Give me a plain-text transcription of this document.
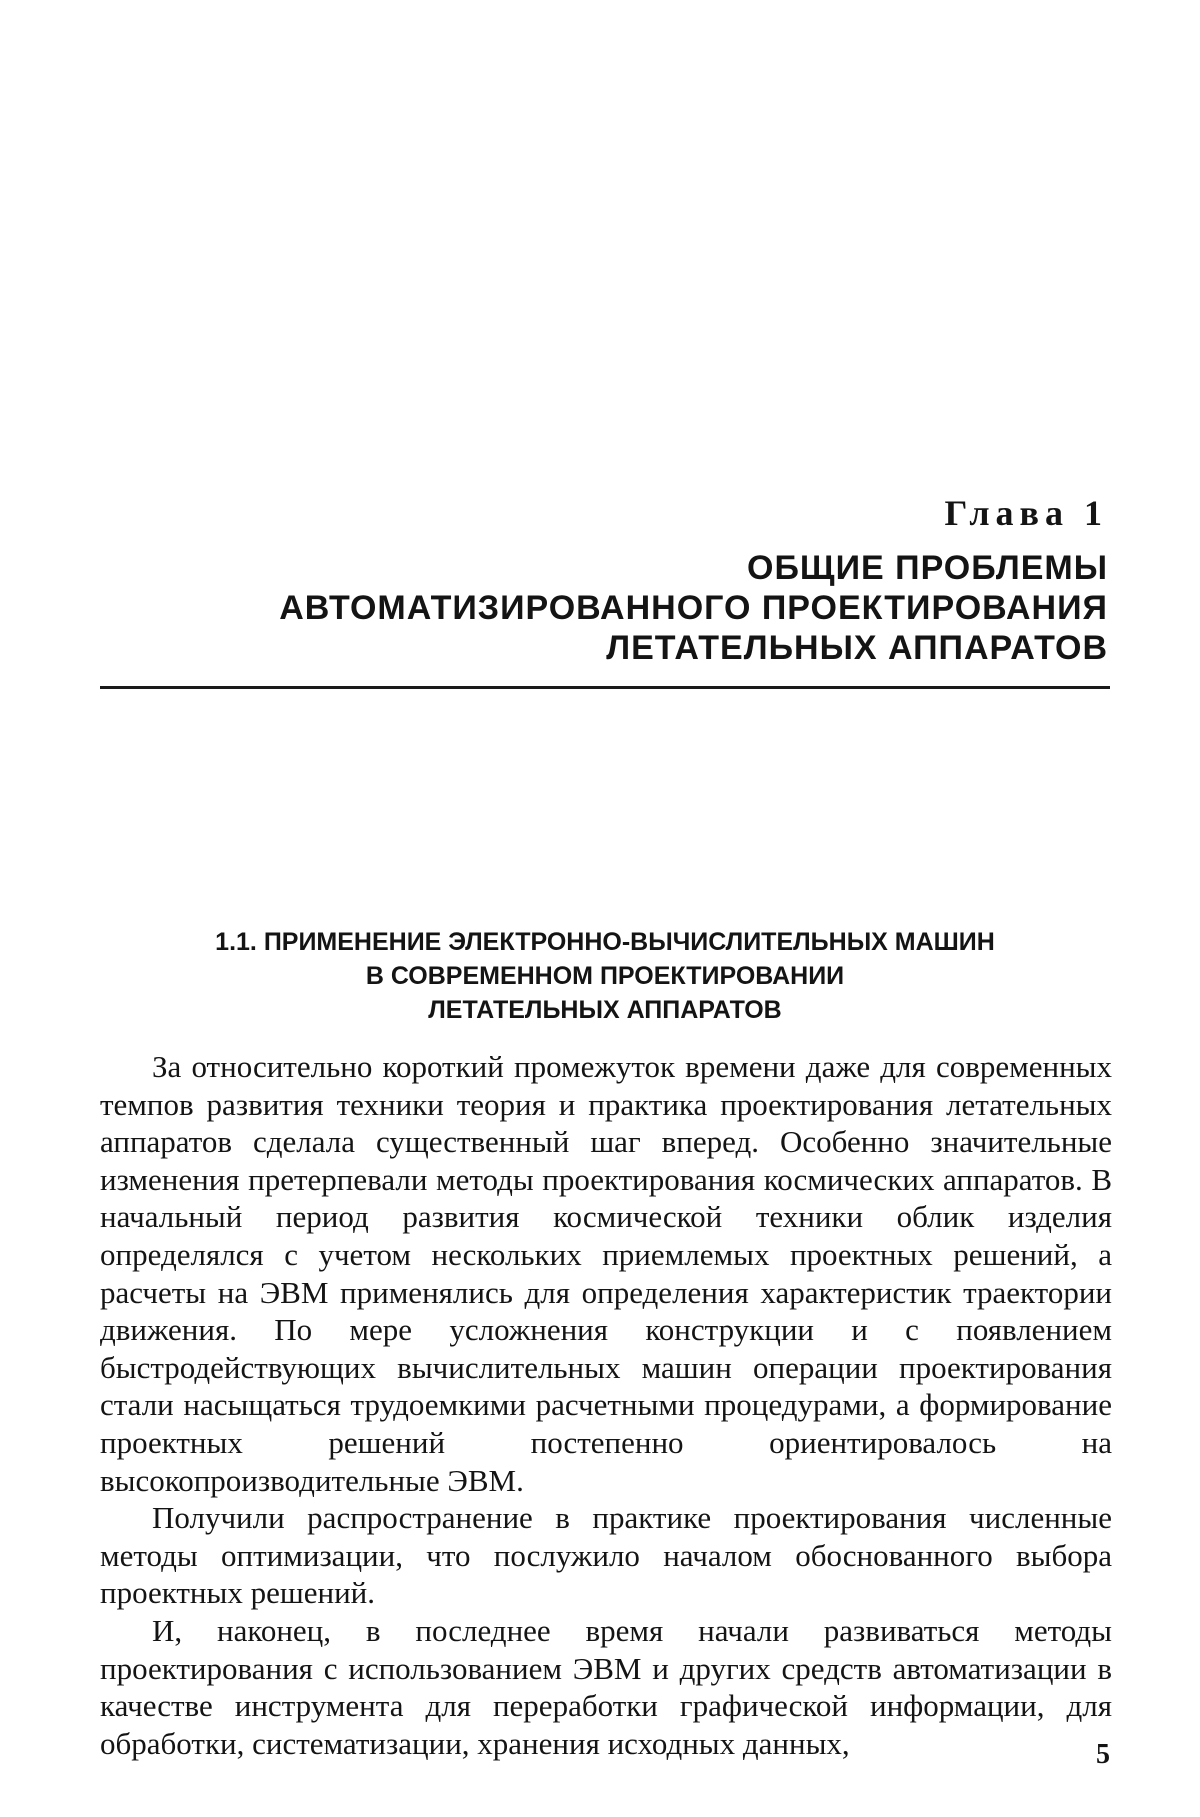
Глава 1
ОБЩИЕ ПРОБЛЕМЫ
АВТОМАТИЗИРОВАННОГО ПРОЕКТИРОВАНИЯ
ЛЕТАТЕЛЬНЫХ АППАРАТОВ
1.1. ПРИМЕНЕНИЕ ЭЛЕКТРОННО-ВЫЧИСЛИТЕЛЬНЫХ МАШИН
В СОВРЕМЕННОМ ПРОЕКТИРОВАНИИ
ЛЕТАТЕЛЬНЫХ АППАРАТОВ

За относительно короткий промежуток времени даже для современных темпов развития техники теория и практика проектирования летательных аппаратов сделала существенный шаг вперед. Особенно значительные изменения претерпевали методы проектирования космических аппаратов. В начальный период развития космической техники облик изделия определялся с учетом нескольких приемлемых проектных решений, а расчеты на ЭВМ применялись для определения характеристик траектории движения. По мере усложнения конструкции и с появлением быстродействующих вычислительных машин операции проектирования стали насыщаться трудоемкими расчетными процедурами, а формирование проектных решений постепенно ориентировалось на высокопроизводительные ЭВМ.

Получили распространение в практике проектирования численные методы оптимизации, что послужило началом обоснованного выбора проектных решений.

И, наконец, в последнее время начали развиваться методы проектирования с использованием ЭВМ и других средств автоматизации в качестве инструмента для переработки графической информации, для обработки, систематизации, хранения исходных данных,	5
